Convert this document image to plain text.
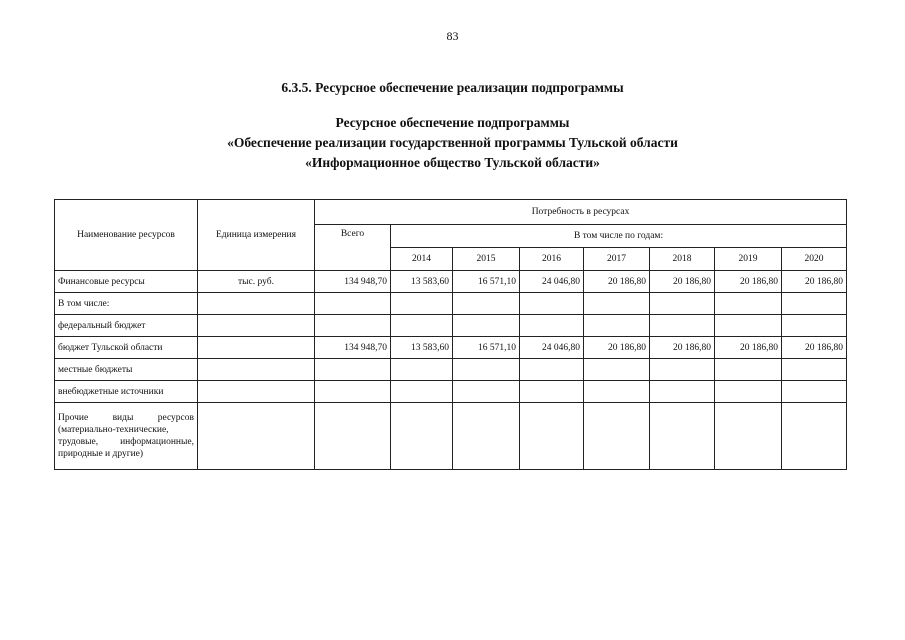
83
6.3.5. Ресурсное обеспечение реализации подпрограммы
Ресурсное обеспечение подпрограммы
«Обеспечение реализации государственной программы Тульской области
«Информационное общество Тульской области»
Наименование ресурсов	Единица измерения	Потребность в ресурсах							
		Всего	В том числе по годам:						
			2014	2015	2016	2017	2018	2019	2020
Финансовые ресурсы	тыс. руб.	134 948,70	13 583,60	16 571,10	24 046,80	20 186,80	20 186,80	20 186,80	20 186,80
В том числе:									
федеральный бюджет									
бюджет Тульской области		134 948,70	13 583,60	16 571,10	24 046,80	20 186,80	20 186,80	20 186,80	20 186,80
местные бюджеты									
внебюджетные источники									
Прочие виды ресурсов (материально-технические, трудовые, информационные, природные и другие)									
